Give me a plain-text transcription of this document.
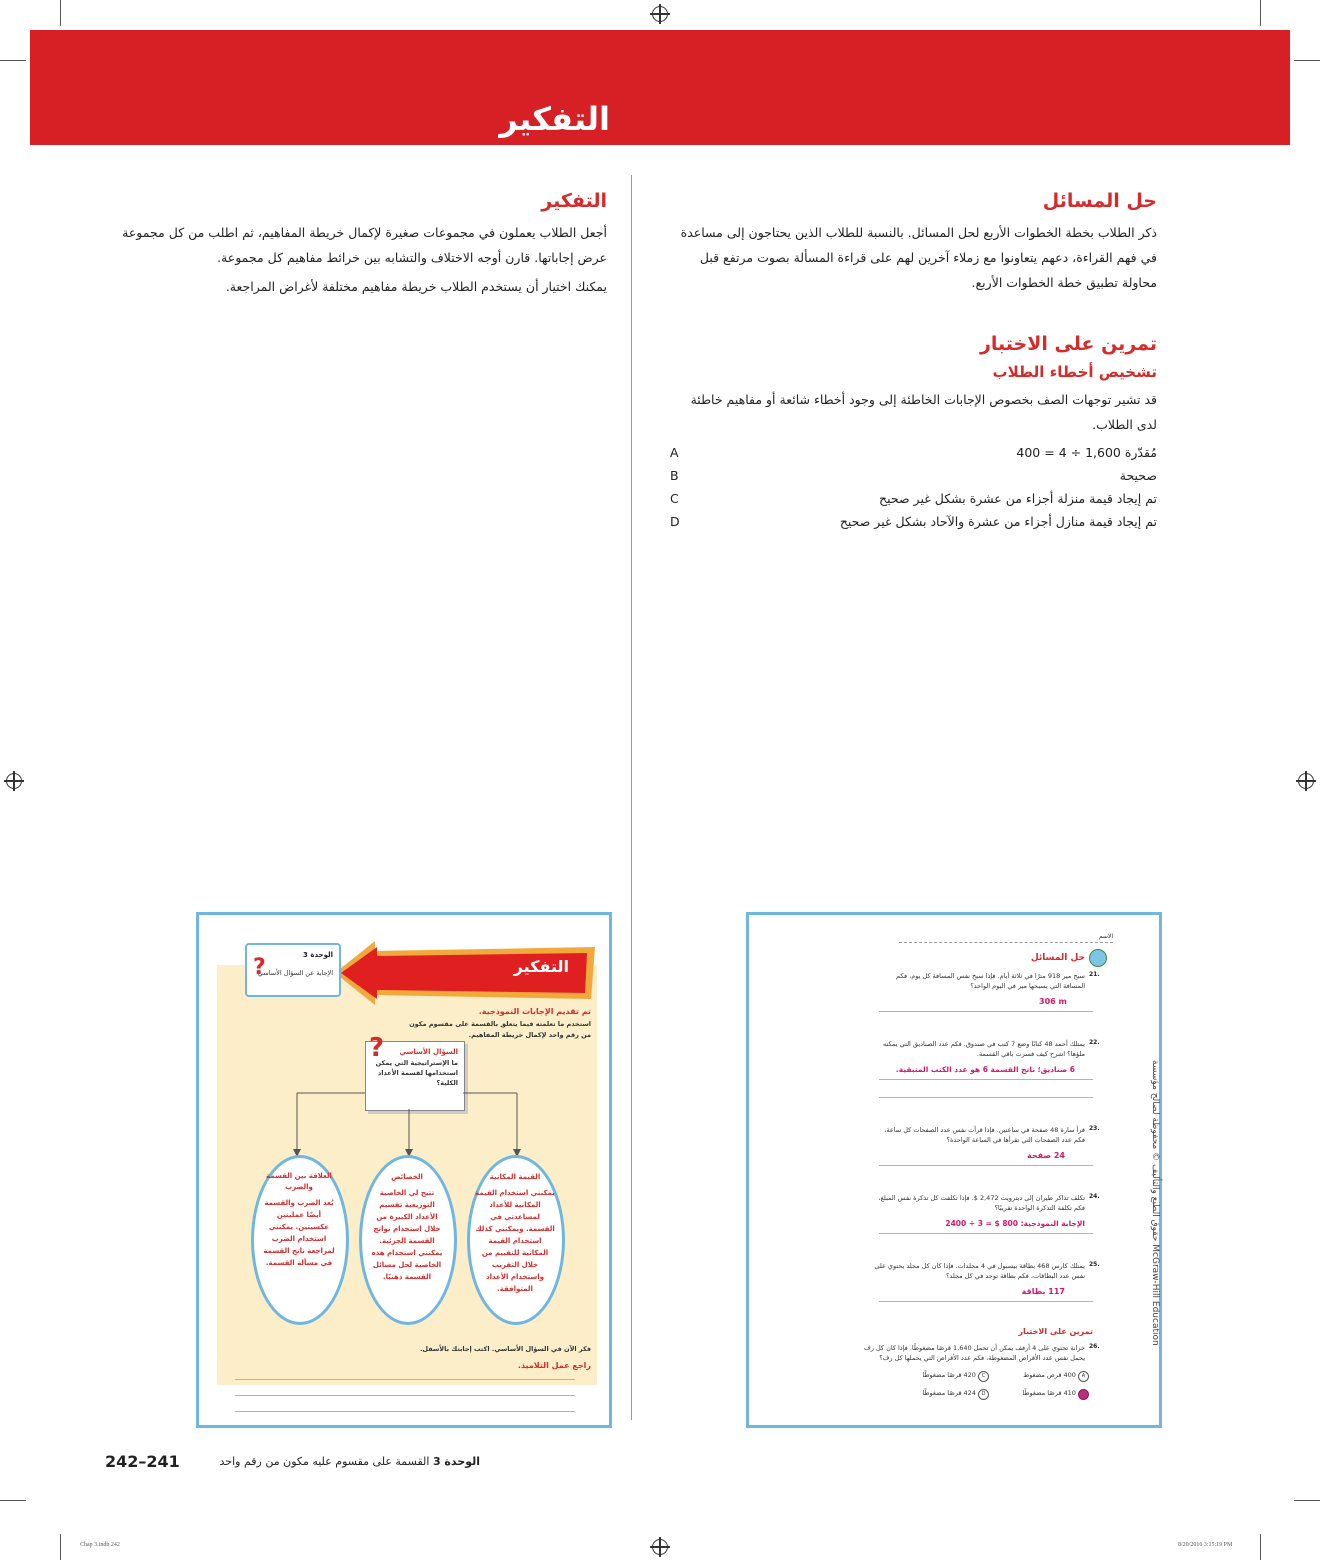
التفكير
حل المسائل

ذكر الطلاب بخطة الخطوات الأربع لحل المسائل. بالنسبة للطلاب الذين يحتاجون إلى مساعدة في فهم القراءة، دعهم يتعاونوا مع زملاء آخرين لهم على قراءة المسألة بصوت مرتفع قبل محاولة تطبيق خطة الخطوات الأربع.

تمرين على الاختبار
تشخيص أخطاء الطلاب

قد تشير توجهات الصف بخصوص الإجابات الخاطئة إلى وجود أخطاء شائعة أو مفاهيم خاطئة لدى الطلاب.

A	مُقدّرة 1,600 ÷ 4 = 400
B	صحيحة
C	تم إيجاد قيمة منزلة أجزاء من عشرة بشكل غير صحيح
D	تم إيجاد قيمة منازل أجزاء من عشرة والآحاد بشكل غير صحيح
التفكير

أجعل الطلاب يعملون في مجموعات صغيرة لإكمال خريطة المفاهيم، ثم اطلب من كل مجموعة عرض إجاباتها. قارن أوجه الاختلاف والتشابه بين خرائط مفاهيم كل مجموعة.

يمكنك اختيار أن يستخدم الطلاب خريطة مفاهيم مختلفة لأغراض المراجعة.

التفكير
الوحدة 3
الإجابة عن السؤال الأساسي
?
تم تقديم الإجابات النموذجية.
استخدم ما تعلمته فيما يتعلق بالقسمة على مقسوم مكون من رقم واحد لإكمال خريطة المفاهيم.
السؤال الأساسي
ما الإستراتيجية التي يمكن استخدامها لقسمة الأعداد الكلية؟
?
القيمة المكانية
يمكنني استخدام القيمة المكانية للأعداد لمساعدتي في القسمة. ويمكنني كذلك استخدام القيمة المكانية للتقييم من خلال التقريب واستخدام الأعداد المتوافقة.
الخصائص
تتيح لي الخاصية التوزيعية تقسيم الأعداد الكبيرة من خلال استخدام نواتج القسمة الجزئية. يمكنني استخدام هذه الخاصية لحل مسائل القسمة ذهنيًا.
العلاقة بين القسمة والضرب
يُعد الضرب والقسمة أيضًا عمليتين عكسيتين. يمكنني استخدام الضرب لمراجعة ناتج القسمة في مسألة القسمة.
فكر الآن في السؤال الأساسي. اكتب إجابتك بالأسفل.
راجع عمل التلاميذ.
الاسم
حل المسائل
21.
سبح مير 918 مترًا في ثلاثة أيام. فإذا سبح نفس المسافة كل يوم، فكم المسافة التي يسبحها مير في اليوم الواحد؟
306 m
22.
يمتلك أحمد 48 كتابًا وضع 7 كتب في صندوق. فكم عدد الصناديق التي يمكنه ملؤها؟ اشرح كيف فسرت باقي القسمة.
6 صناديق؛ ناتج القسمة 6 هو عدد الكتب المتبقية.
23.
قرأ سارة 48 صفحة في ساعتين. فإذا قرأت نفس عدد الصفحات كل ساعة، فكم عدد الصفحات التي تقرأها في الساعة الواحدة؟
24 صفحة
24.
تكلف تذاكر طيران إلى ديترويت 2,472 $. فإذا تكلفت كل تذكرة نفس المبلغ، فكم تكلفة التذكرة الواحدة تقريبًا؟
الإجابة النموذجية: 800 $ = 3 ÷ 2400
25.
يمتلك كارس 468 بطاقة بيسبول في 4 مجلدات. فإذا كان كل مجلد يحتوي على نفس عدد البطاقات، فكم بطاقة توجد في كل مجلد؟
117 بطاقة
تمرين على الاختبار
26.
خزانة تحتوي على 4 أرفف يمكن أن تحمل 1,640 قرصًا مضغوطًا. فإذا كان كل رف يحمل نفس عدد الأقراص المضغوطة، فكم عدد الأقراص التي يحملها كل رف؟
A 400 قرص مضغوط
C 420 قرصًا مضغوطًا
B 410 قرصًا مضغوطًا
D 424 قرصًا مضغوطًا
حقوق الطبع والتأليف © محفوظة لصالح مؤسسة McGraw-Hill Education
242–241	الوحدة 3 القسمة على مقسوم عليه مكون من رقم واحد
Chap 3.indb 242	8/20/2016 3:15:19 PM
